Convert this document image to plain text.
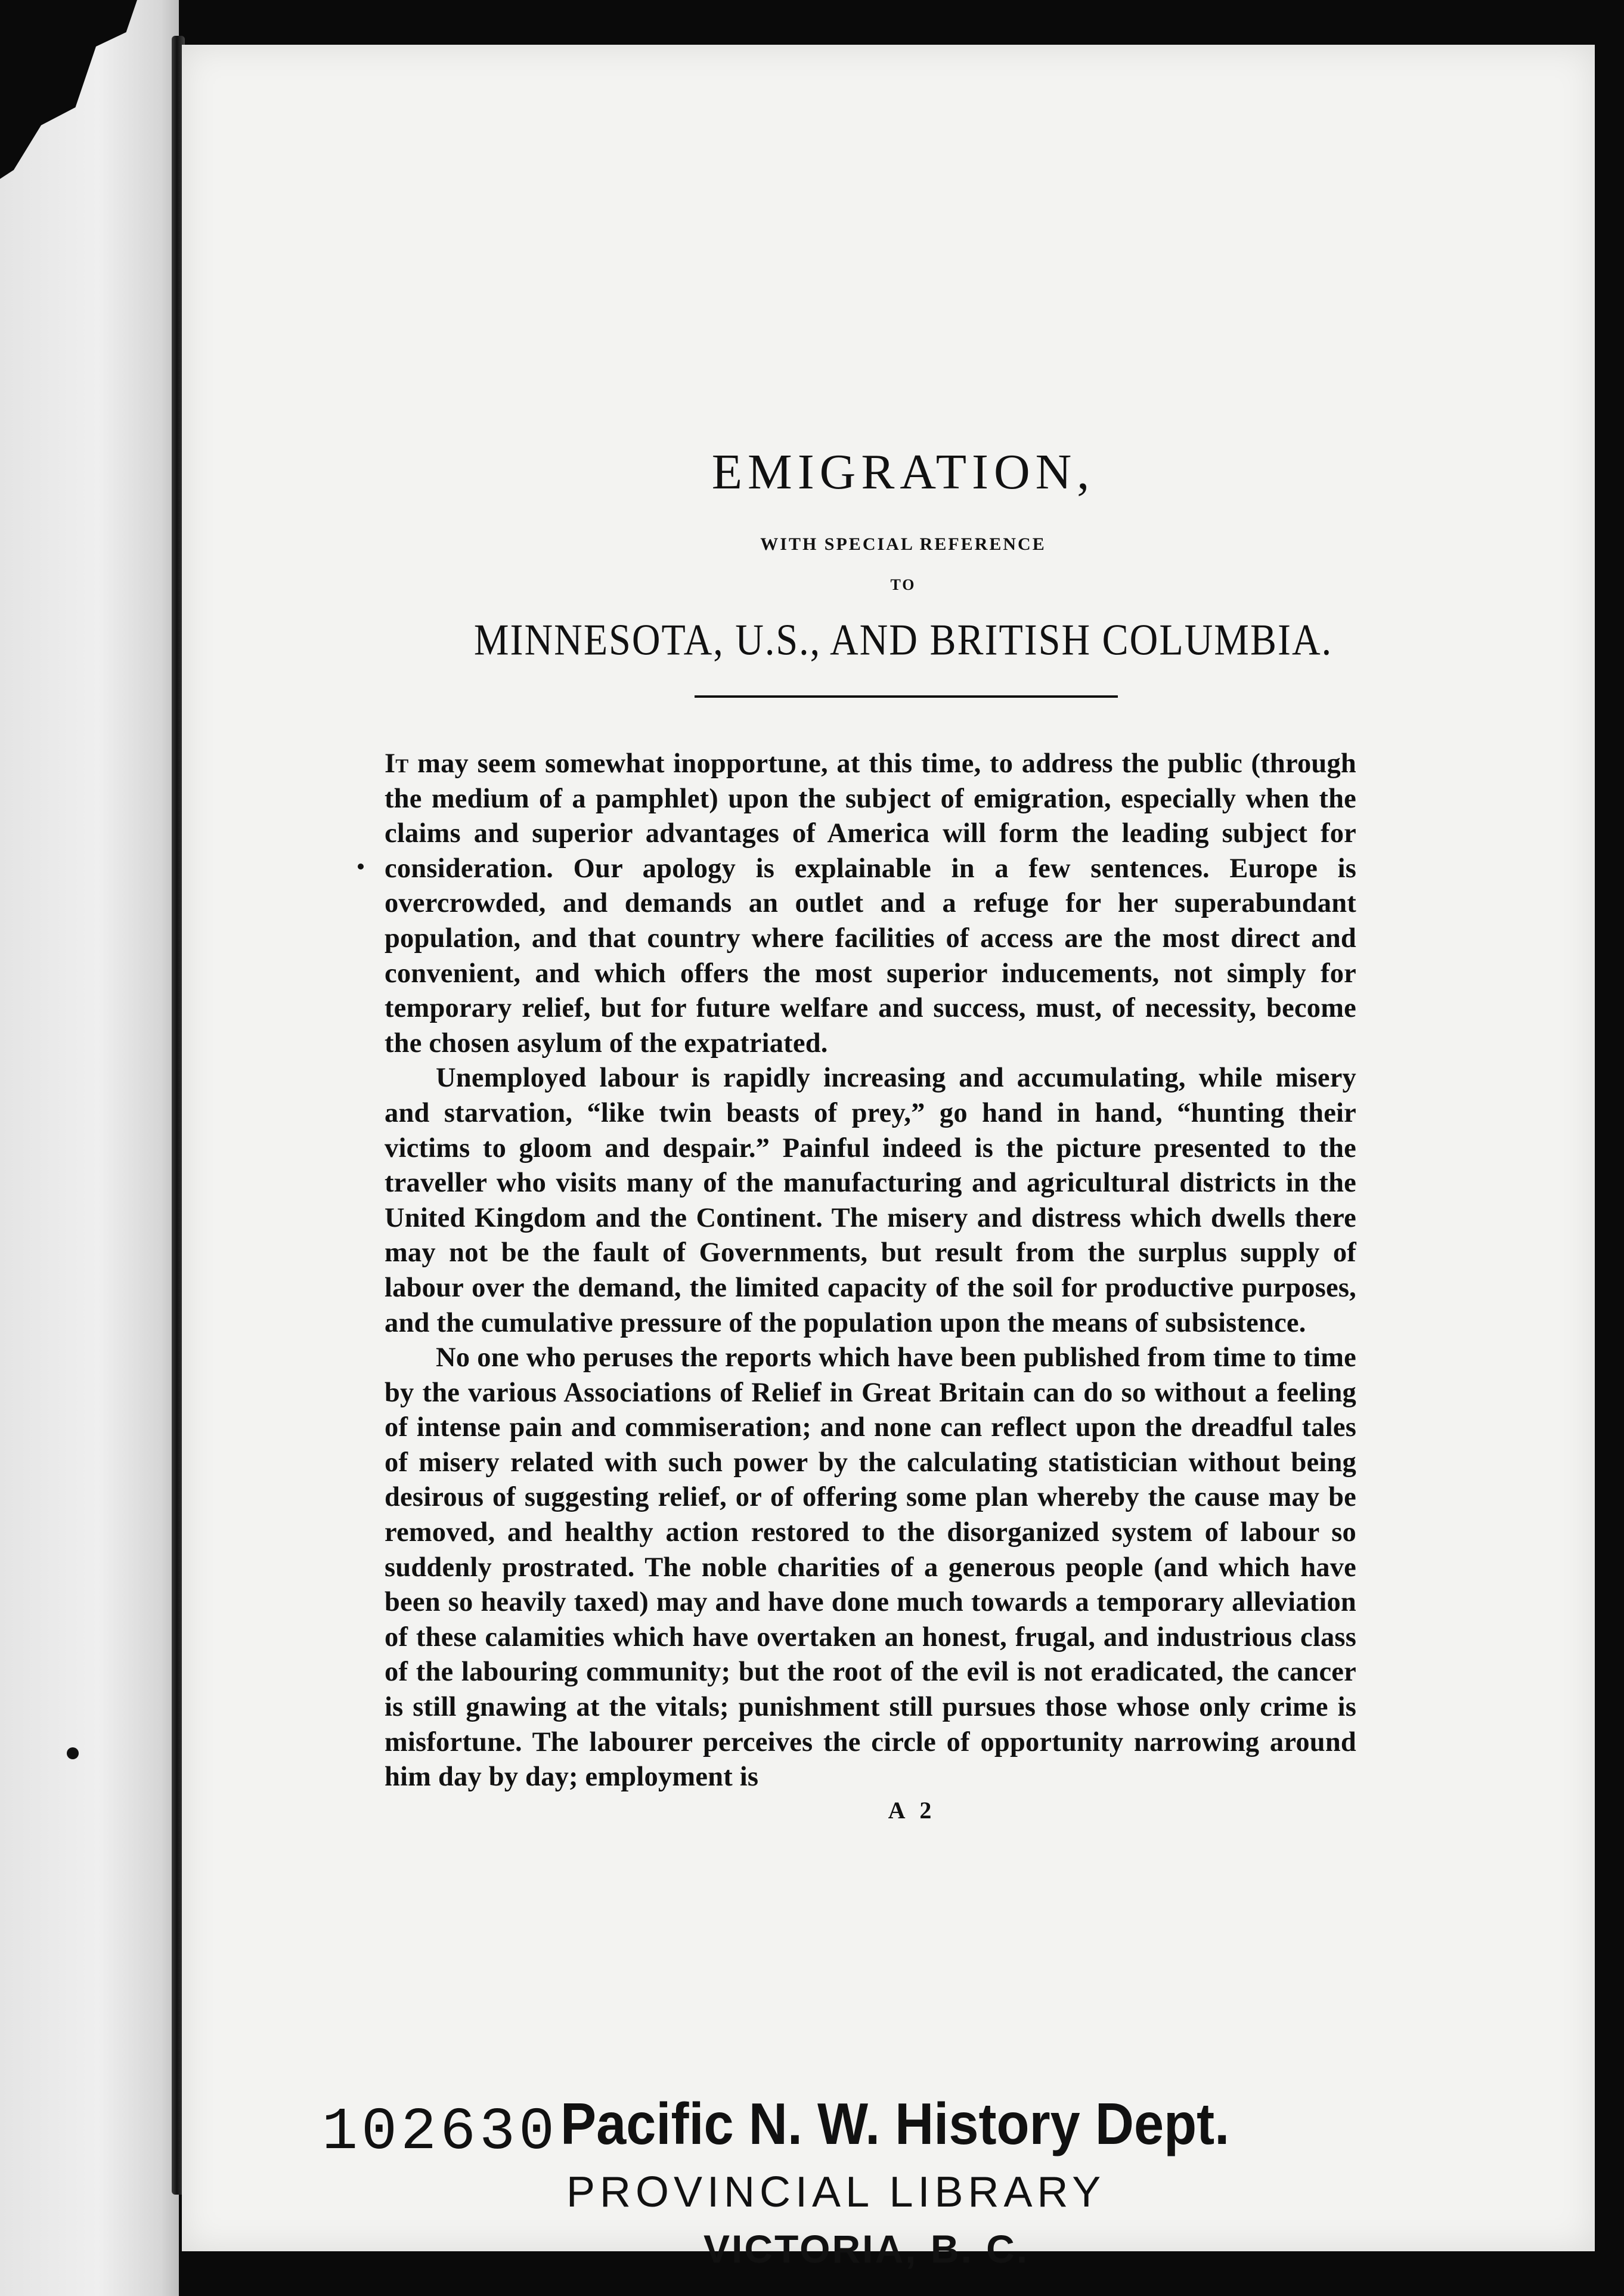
EMIGRATION,
WITH SPECIAL REFERENCE
TO
MINNESOTA, U.S., AND BRITISH COLUMBIA.

It may seem somewhat inopportune, at this time, to address the public (through the medium of a pamphlet) upon the subject of emigration, especially when the claims and superior advantages of America will form the leading subject for consideration. Our apology is explainable in a few sentences. Europe is overcrowded, and demands an outlet and a refuge for her superabundant population, and that country where facilities of access are the most direct and convenient, and which offers the most superior inducements, not simply for temporary relief, but for future welfare and success, must, of necessity, become the chosen asylum of the expatriated.

Unemployed labour is rapidly increasing and accumulating, while misery and starvation, “like twin beasts of prey,” go hand in hand, “hunting their victims to gloom and despair.” Painful indeed is the picture presented to the traveller who visits many of the manufacturing and agricultural districts in the United Kingdom and the Continent. The misery and distress which dwells there may not be the fault of Governments, but result from the surplus supply of labour over the demand, the limited capacity of the soil for productive purposes, and the cumulative pressure of the population upon the means of subsistence.

No one who peruses the reports which have been published from time to time by the various Associations of Relief in Great Britain can do so without a feeling of intense pain and commiseration; and none can reflect upon the dreadful tales of misery related with such power by the calculating statistician without being desirous of suggesting relief, or of offering some plan whereby the cause may be removed, and healthy action restored to the disorganized system of labour so suddenly prostrated. The noble charities of a generous people (and which have been so heavily taxed) may and have done much towards a temporary alleviation of these calamities which have overtaken an honest, frugal, and industrious class of the labouring community; but the root of the evil is not eradicated, the cancer is still gnawing at the vitals; punishment still pursues those whose only crime is misfortune. The labourer perceives the circle of opportunity narrowing around him day by day; employment is

A 2
102630 Pacific N. W. History Dept.
PROVINCIAL LIBRARY
VICTORIA, B. C.
